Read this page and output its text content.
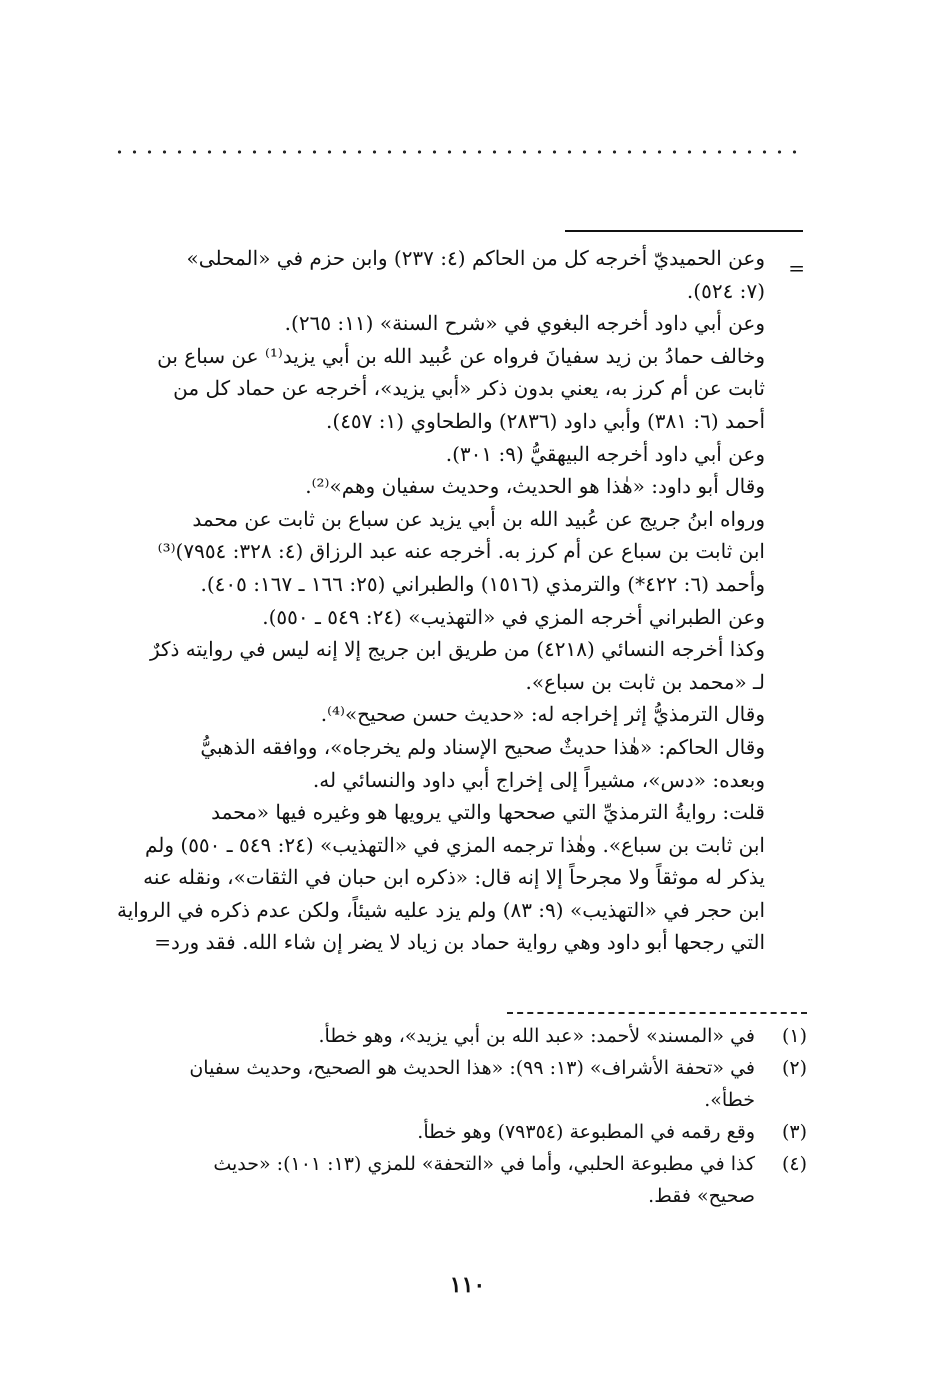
=
وعن الحميديّ أخرجه كل من الحاكم (٤: ٢٣٧) وابن حزم في «المحلى»
(٧: ٥٢٤).
وعن أبي داود أخرجه البغوي في «شرح السنة» (١١: ٢٦٥).
وخالف حمادُ بن زيد سفيانَ فرواه عن عُبيد الله بن أبي يزيد⁽¹⁾ عن سباع بن
ثابت عن أم كرز به، يعني بدون ذكر «أبي يزيد»، أخرجه عن حماد كل من
أحمد (٦: ٣٨١) وأبي داود (٢٨٣٦) والطحاوي (١: ٤٥٧).
وعن أبي داود أخرجه البيهقيُّ (٩: ٣٠١).
وقال أبو داود: «هٰذا هو الحديث، وحديث سفيان وهم»⁽²⁾.
ورواه ابنُ جريج عن عُبيد الله بن أبي يزيد عن سباع بن ثابت عن محمد
ابن ثابت بن سباع عن أم كرز به. أخرجه عنه عبد الرزاق (٤: ٣٢٨: ٧٩٥٤)⁽³⁾
وأحمد (٦: ٤٢٢*) والترمذي (١٥١٦) والطبراني (٢٥: ١٦٦ ـ ١٦٧: ٤٠٥).
وعن الطبراني أخرجه المزي في «التهذيب» (٢٤: ٥٤٩ ـ ٥٥٠).
وكذا أخرجه النسائي (٤٢١٨) من طريق ابن جريج إلا إنه ليس في روايته ذكرٌ
لـ «محمد بن ثابت بن سباع».
وقال الترمذيُّ إثر إخراجه له: «حديث حسن صحيح»⁽⁴⁾.
وقال الحاكم: «هٰذا حديثٌ صحيح الإسناد ولم يخرجاه»، ووافقه الذهبيُّ
وبعده: «دس»، مشيراً إلى إخراج أبي داود والنسائي له.
قلت: روايةُ الترمذيِّ التي صححها والتي يرويها هو وغيره فيها «محمد
ابن ثابت بن سباع». وهٰذا ترجمه المزي في «التهذيب» (٢٤: ٥٤٩ ـ ٥٥٠) ولم
يذكر له موثقاً ولا مجرحاً إلا إنه قال: «ذكره ابن حبان في الثقات»، ونقله عنه
ابن حجر في «التهذيب» (٩: ٨٣) ولم يزد عليه شيئاً، ولكن عدم ذكره في الرواية
التي رجحها أبو داود وهي رواية حماد بن زياد لا يضر إن شاء الله. فقد ورد=
(١)
في «المسند» لأحمد: «عبد الله بن أبي يزيد»، وهو خطأ.
(٢)
في «تحفة الأشراف» (١٣: ٩٩): «هذا الحديث هو الصحيح، وحديث سفيان
خطأ».
(٣)
وقع رقمه في المطبوعة (٧٩٣٥٤) وهو خطأ.
(٤)
كذا في مطبوعة الحلبي، وأما في «التحفة» للمزي (١٣: ١٠١): «حديث
صحيح» فقط.
١١٠
